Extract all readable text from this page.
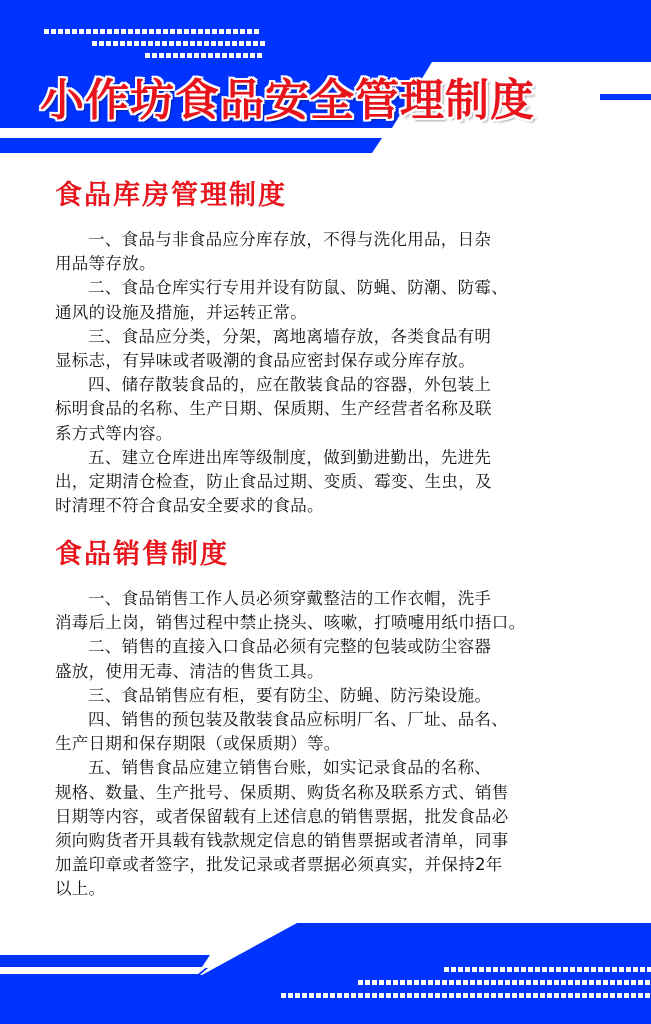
小作坊食品安全管理制度
食品库房管理制度
一、食品与非食品应分库存放，不得与洗化用品，日杂
用品等存放。
二、食品仓库实行专用并设有防鼠、防蝇、防潮、防霉、
通风的设施及措施，并运转正常。
三、食品应分类，分架，离地离墙存放，各类食品有明
显标志，有异味或者吸潮的食品应密封保存或分库存放。
四、储存散装食品的，应在散装食品的容器，外包装上
标明食品的名称、生产日期、保质期、生产经营者名称及联
系方式等内容。
五、建立仓库进出库等级制度，做到勤进勤出，先进先
出，定期清仓检查，防止食品过期、变质、霉变、生虫，及
时清理不符合食品安全要求的食品。
食品销售制度
一、食品销售工作人员必须穿戴整洁的工作衣帽，洗手
消毒后上岗，销售过程中禁止挠头、咳嗽，打喷嚏用纸巾捂口。
二、销售的直接入口食品必须有完整的包装或防尘容器
盛放，使用无毒、清洁的售货工具。
三、食品销售应有柜，要有防尘、防蝇、防污染设施。
四、销售的预包装及散装食品应标明厂名、厂址、品名、
生产日期和保存期限（或保质期）等。
五、销售食品应建立销售台账，如实记录食品的名称、
规格、数量、生产批号、保质期、购货名称及联系方式、销售
日期等内容，或者保留载有上述信息的销售票据，批发食品必
须向购货者开具载有钱款规定信息的销售票据或者清单，同事
加盖印章或者签字，批发记录或者票据必须真实，并保持2年
以上。
